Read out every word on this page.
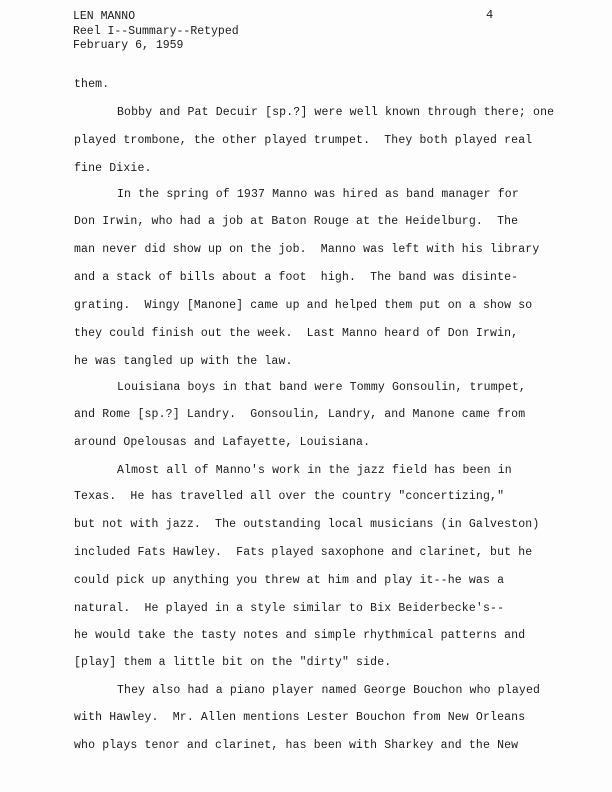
LEN MANNO
Reel I--Summary--Retyped
February 6, 1959
4
them.
Bobby and Pat Decuir [sp.?] were well known through there; one
played trombone, the other played trumpet.  They both played real
fine Dixie.
In the spring of 1937 Manno was hired as band manager for
Don Irwin, who had a job at Baton Rouge at the Heidelburg.  The
man never did show up on the job.  Manno was left with his library
and a stack of bills about a foot  high.  The band was disinte-
grating.  Wingy [Manone] came up and helped them put on a show so
they could finish out the week.  Last Manno heard of Don Irwin,
he was tangled up with the law.
Louisiana boys in that band were Tommy Gonsoulin, trumpet,
and Rome [sp.?] Landry.  Gonsoulin, Landry, and Manone came from
around Opelousas and Lafayette, Louisiana.
Almost all of Manno's work in the jazz field has been in
Texas.  He has travelled all over the country "concertizing,"
but not with jazz.  The outstanding local musicians (in Galveston)
included Fats Hawley.  Fats played saxophone and clarinet, but he
could pick up anything you threw at him and play it--he was a
natural.  He played in a style similar to Bix Beiderbecke's--
he would take the tasty notes and simple rhythmical patterns and
[play] them a little bit on the "dirty" side.
They also had a piano player named George Bouchon who played
with Hawley.  Mr. Allen mentions Lester Bouchon from New Orleans
who plays tenor and clarinet, has been with Sharkey and the New
